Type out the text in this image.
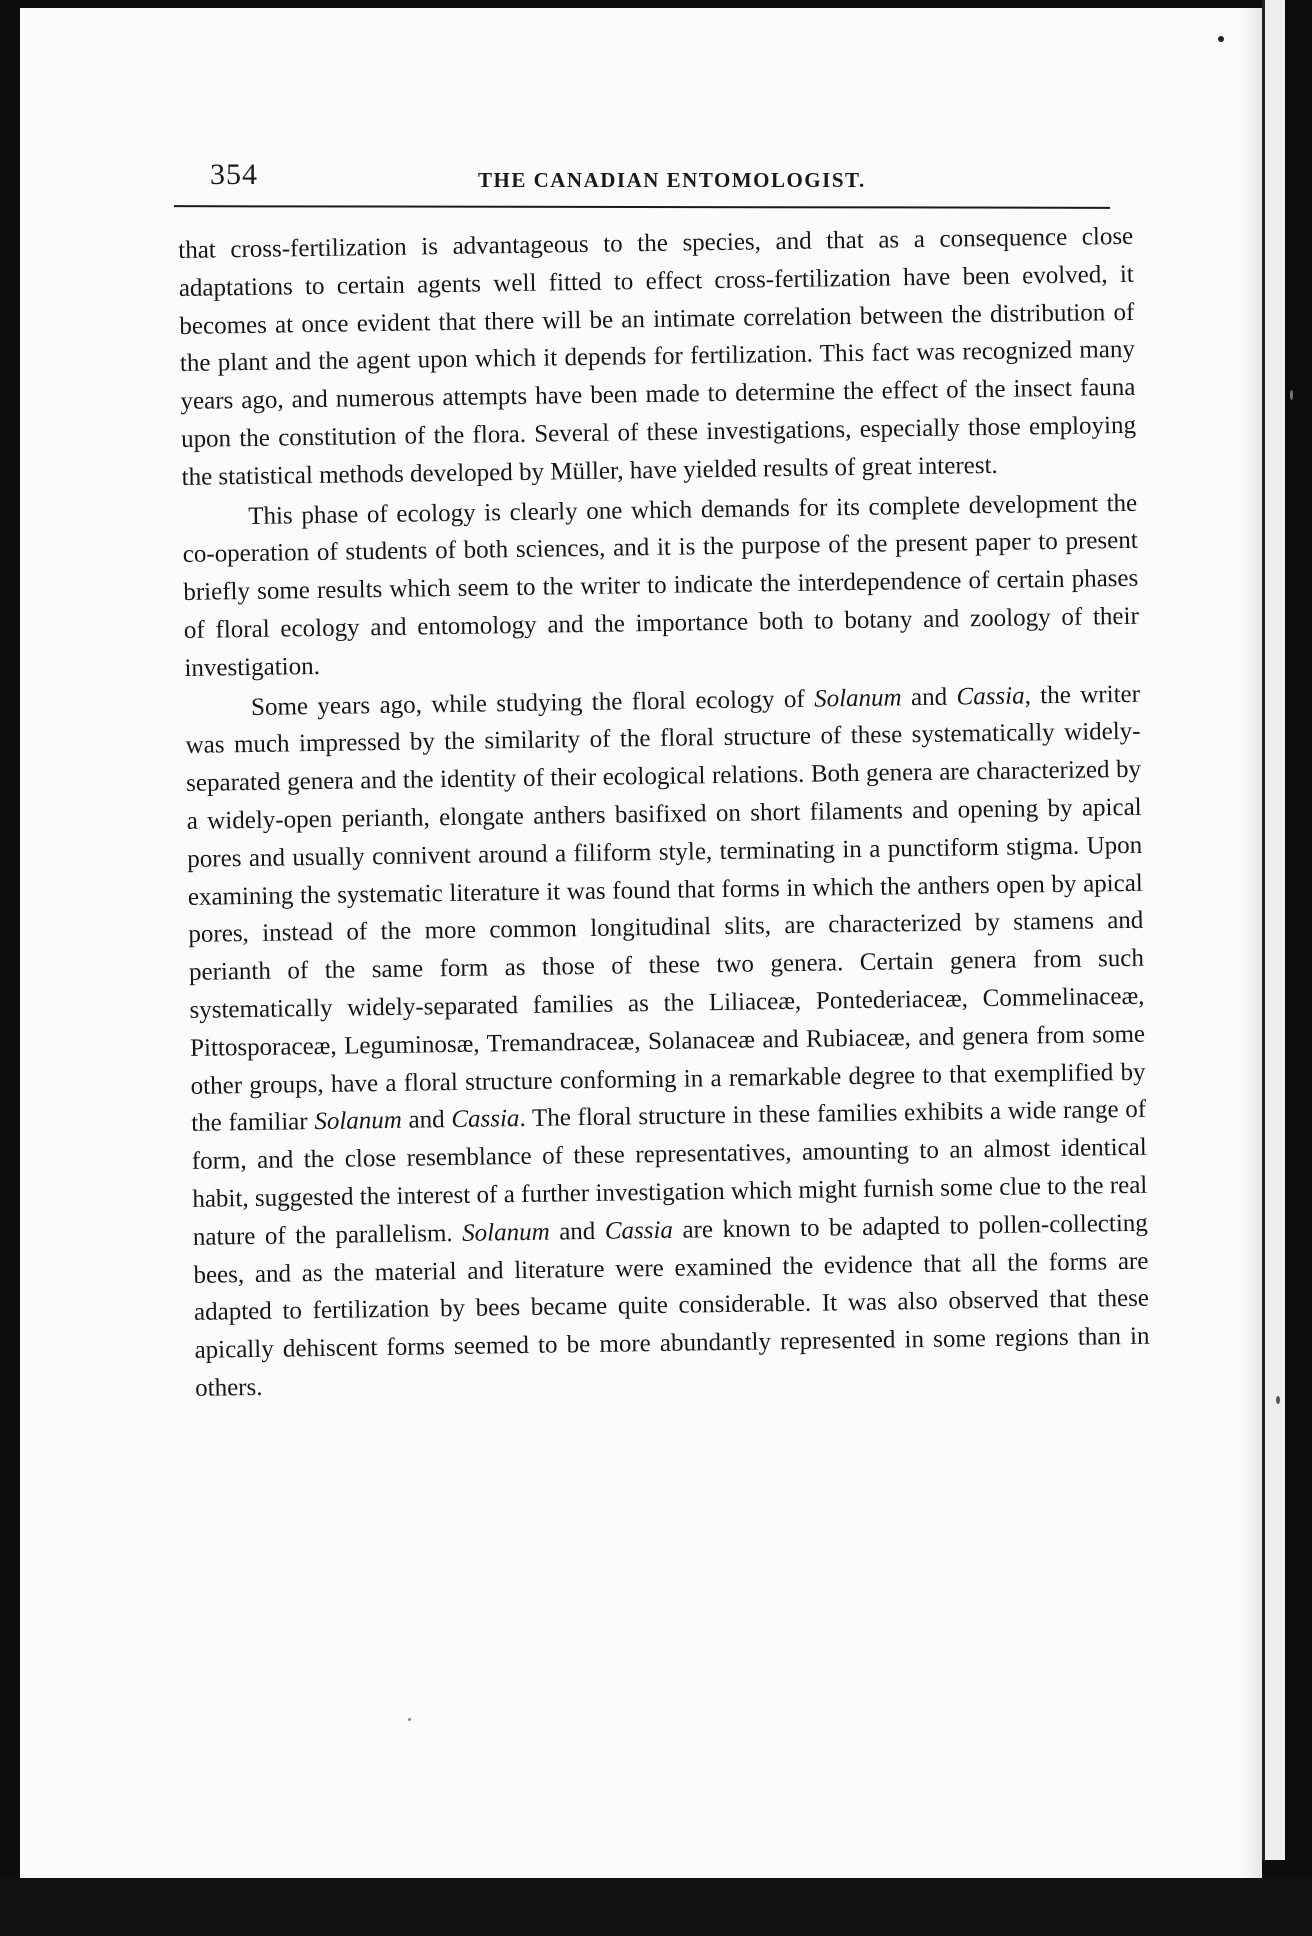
354	THE CANADIAN ENTOMOLOGIST.

that cross-fertilization is advantageous to the species, and that as a consequence close adaptations to certain agents well fitted to effect cross-fertilization have been evolved, it becomes at once evident that there will be an intimate correlation between the distribution of the plant and the agent upon which it depends for fertilization. This fact was recognized many years ago, and numerous attempts have been made to determine the effect of the insect fauna upon the constitution of the flora. Several of these investigations, especially those employing the statistical methods developed by Müller, have yielded results of great interest.

This phase of ecology is clearly one which demands for its complete development the co-operation of students of both sciences, and it is the purpose of the present paper to present briefly some results which seem to the writer to indicate the interdependence of certain phases of floral ecology and entomology and the importance both to botany and zoology of their investigation.

Some years ago, while studying the floral ecology of Solanum and Cassia, the writer was much impressed by the similarity of the floral structure of these systematically widely-separated genera and the identity of their ecological relations. Both genera are characterized by a widely-open perianth, elongate anthers basifixed on short filaments and opening by apical pores and usually connivent around a filiform style, terminating in a punctiform stigma. Upon examining the systematic literature it was found that forms in which the anthers open by apical pores, instead of the more common longitudinal slits, are characterized by stamens and perianth of the same form as those of these two genera. Certain genera from such systematically widely-separated families as the Liliaceæ, Pontederiaceæ, Commelinaceæ, Pittosporaceæ, Leguminosæ, Tremandraceæ, Solanaceæ and Rubiaceæ, and genera from some other groups, have a floral structure conforming in a remarkable degree to that exemplified by the familiar Solanum and Cassia. The floral structure in these families exhibits a wide range of form, and the close resemblance of these representatives, amounting to an almost identical habit, suggested the interest of a further investigation which might furnish some clue to the real nature of the parallelism. Solanum and Cassia are known to be adapted to pollen-collecting bees, and as the material and literature were examined the evidence that all the forms are adapted to fertilization by bees became quite considerable. It was also observed that these apically dehiscent forms seemed to be more abundantly represented in some regions than in others.
